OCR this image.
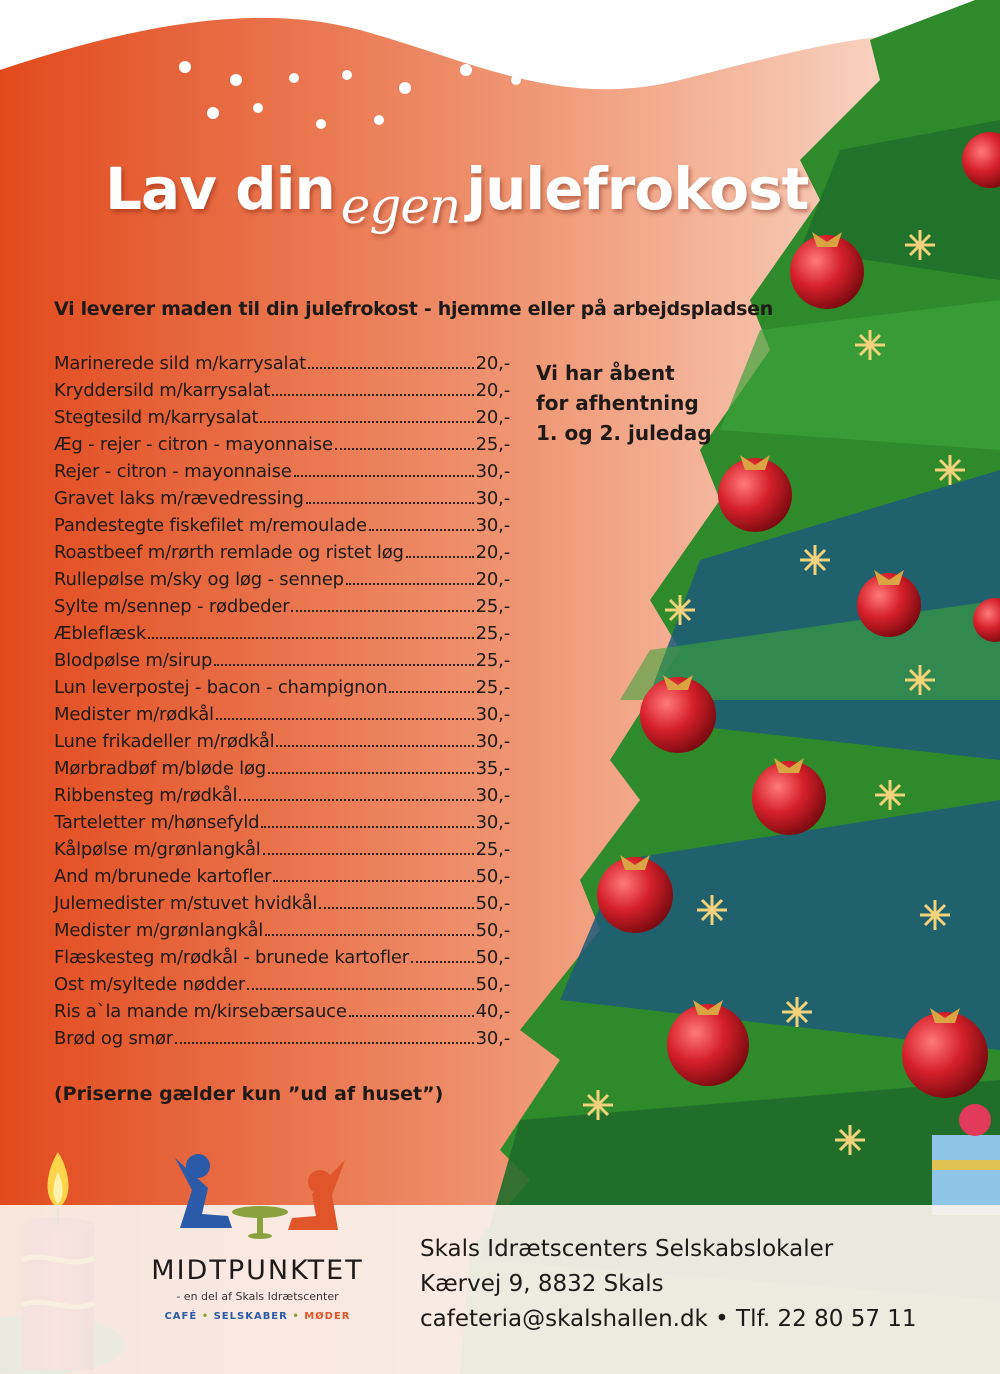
Lav din egen julefrokost
Vi leverer maden til din julefrokost - hjemme eller på arbejdspladsen
Marinerede sild m/karrysalat	20,-
Kryddersild m/karrysalat	20,-
Stegtesild m/karrysalat	20,-
Æg - rejer - citron - mayonnaise	25,-
Rejer - citron - mayonnaise	30,-
Gravet laks m/rævedressing	30,-
Pandestegte fiskefilet m/remoulade	30,-
Roastbeef m/rørth remlade og ristet løg	20,-
Rullepølse m/sky og løg - sennep	20,-
Sylte m/sennep - rødbeder	25,-
Æbleflæsk	25,-
Blodpølse m/sirup	25,-
Lun leverpostej - bacon - champignon	25,-
Medister m/rødkål	30,-
Lune frikadeller m/rødkål	30,-
Mørbradbøf m/bløde løg	35,-
Ribbensteg m/rødkål	30,-
Tarteletter m/hønsefyld	30,-
Kålpølse m/grønlangkål	25,-
And m/brunede kartofler	50,-
Julemedister m/stuvet hvidkål	50,-
Medister m/grønlangkål	50,-
Flæskesteg m/rødkål - brunede kartofler	50,-
Ost m/syltede nødder	50,-
Ris a`la mande m/kirsebærsauce	40,-
Brød og smør	30,-
Vi har åbent
for afhentning
1. og 2. juledag
(Priserne gælder kun ”ud af huset”)
MIDTPUNKTET
- en del af Skals Idrætscenter
CAFÉ • SELSKABER • MØDER
Skals Idrætscenters Selskabslokaler
Kærvej 9, 8832 Skals
cafeteria@skalshallen.dk • Tlf. 22 80 57 11
